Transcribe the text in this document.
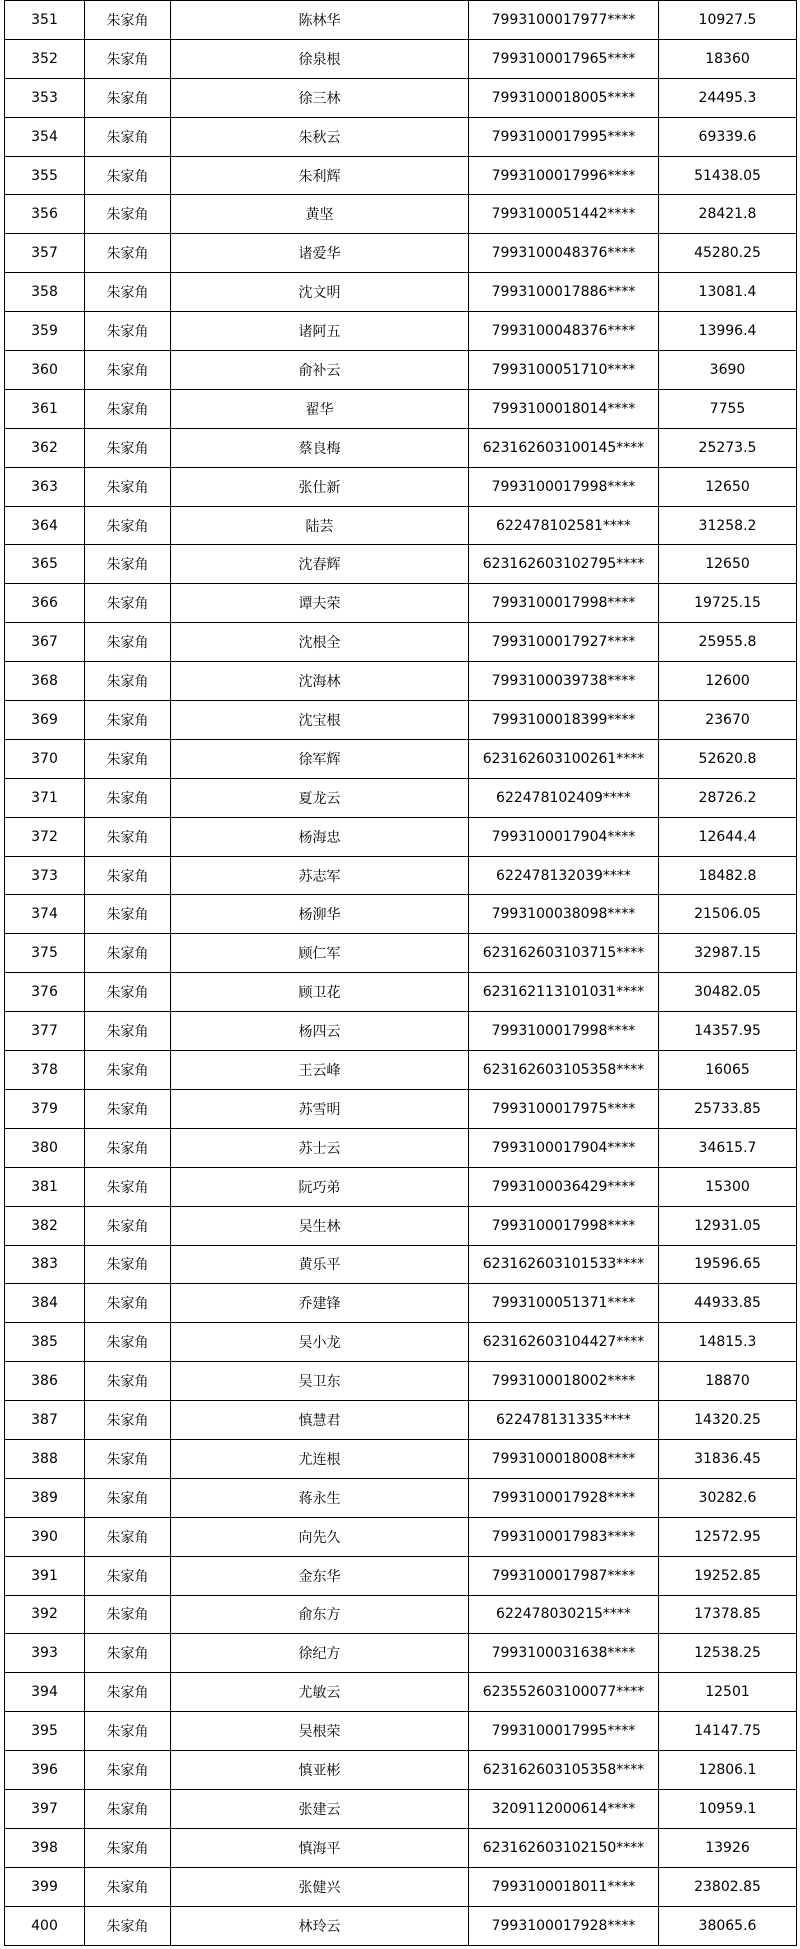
351	朱家角	陈林华	7993100017977****	10927.5
352	朱家角	徐泉根	7993100017965****	18360
353	朱家角	徐三林	7993100018005****	24495.3
354	朱家角	朱秋云	7993100017995****	69339.6
355	朱家角	朱利辉	7993100017996****	51438.05
356	朱家角	黄坚	7993100051442****	28421.8
357	朱家角	诸爱华	7993100048376****	45280.25
358	朱家角	沈文明	7993100017886****	13081.4
359	朱家角	诸阿五	7993100048376****	13996.4
360	朱家角	俞补云	7993100051710****	3690
361	朱家角	翟华	7993100018014****	7755
362	朱家角	蔡良梅	623162603100145****	25273.5
363	朱家角	张仕新	7993100017998****	12650
364	朱家角	陆芸	622478102581****	31258.2
365	朱家角	沈春辉	623162603102795****	12650
366	朱家角	谭夫荣	7993100017998****	19725.15
367	朱家角	沈根全	7993100017927****	25955.8
368	朱家角	沈海林	7993100039738****	12600
369	朱家角	沈宝根	7993100018399****	23670
370	朱家角	徐军辉	623162603100261****	52620.8
371	朱家角	夏龙云	622478102409****	28726.2
372	朱家角	杨海忠	7993100017904****	12644.4
373	朱家角	苏志军	622478132039****	18482.8
374	朱家角	杨泖华	7993100038098****	21506.05
375	朱家角	顾仁军	623162603103715****	32987.15
376	朱家角	顾卫花	623162113101031****	30482.05
377	朱家角	杨四云	7993100017998****	14357.95
378	朱家角	王云峰	623162603105358****	16065
379	朱家角	苏雪明	7993100017975****	25733.85
380	朱家角	苏士云	7993100017904****	34615.7
381	朱家角	阮巧弟	7993100036429****	15300
382	朱家角	吴生林	7993100017998****	12931.05
383	朱家角	黄乐平	623162603101533****	19596.65
384	朱家角	乔建锋	7993100051371****	44933.85
385	朱家角	吴小龙	623162603104427****	14815.3
386	朱家角	吴卫东	7993100018002****	18870
387	朱家角	慎慧君	622478131335****	14320.25
388	朱家角	尤连根	7993100018008****	31836.45
389	朱家角	蒋永生	7993100017928****	30282.6
390	朱家角	向先久	7993100017983****	12572.95
391	朱家角	金东华	7993100017987****	19252.85
392	朱家角	俞东方	622478030215****	17378.85
393	朱家角	徐纪方	7993100031638****	12538.25
394	朱家角	尤敏云	623552603100077****	12501
395	朱家角	吴根荣	7993100017995****	14147.75
396	朱家角	慎亚彬	623162603105358****	12806.1
397	朱家角	张建云	3209112000614****	10959.1
398	朱家角	慎海平	623162603102150****	13926
399	朱家角	张健兴	7993100018011****	23802.85
400	朱家角	林玲云	7993100017928****	38065.6
